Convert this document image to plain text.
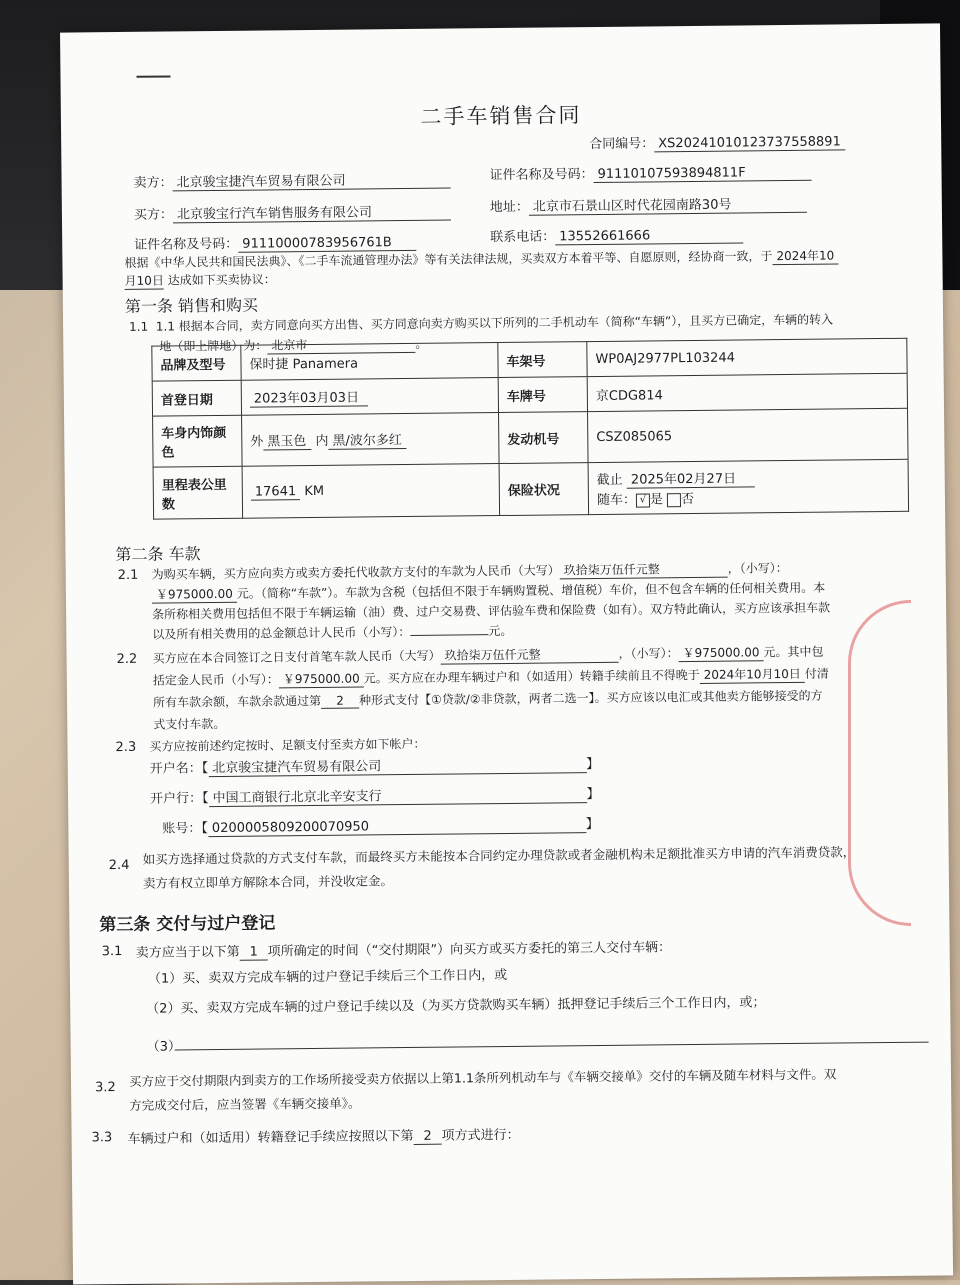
二手车销售合同
合同编号： XS20241010123737558891
卖方： 北京骏宝捷汽车贸易有限公司	证件名称及号码： 91110107593894811F
买方： 北京骏宝行汽车销售服务有限公司	地址： 北京市石景山区时代花园南路30号
证件名称及号码： 91110000783956761B	联系电话： 13552661666
根据《中华人民共和国民法典》、《二手车流通管理办法》等有关法律法规，买卖双方本着平等、自愿原则，经协商一致，于 2024年10
月10日 达成如下买卖协议：
第一条 销售和购买
1.1 1.1 根据本合同，卖方同意向买方出售、买方同意向卖方购买以下所列的二手机动车（简称“车辆”），且买方已确定，车辆的转入
地（即上牌地）为： 北京市	。
品牌及型号	保时捷 Panamera	车架号	WP0AJ2977PL103244
首登日期	2023年03月03日	车牌号	京CDG814
车身内饰颜色	外 黑玉色 内 黑/波尔多红	发动机号	CSZ085065
里程表公里数	17641 KM	保险状况	截止 2025年02月27日
随车： √ 是 否
第二条 车款
2.1 为购买车辆，买方应向卖方或卖方委托代收款方支付的车款为人民币（大写） 玖拾柒万伍仟元整	，（小写）：
￥975000.00 元。（简称“车款”）。车款为含税（包括但不限于车辆购置税、增值税）车价，但不包含车辆的任何相关费用。本
条所称相关费用包括但不限于车辆运输（油）费、过户交易费、评估验车费和保险费（如有）。双方特此确认，买方应该承担车款
以及所有相关费用的总金额总计人民币（小写）：	元。
2.2 买方应在本合同签订之日支付首笔车款人民币（大写） 玖拾柒万伍仟元整	，（小写）： ￥975000.00 元。其中包
括定金人民币（小写）： ￥975000.00 元。买方应在办理车辆过户和（如适用）转籍手续前且不得晚于 2024年10月10日 付清
所有车款余额，车款余款通过第 2 种形式支付【①贷款/②非贷款，两者二选一】。买方应该以电汇或其他卖方能够接受的方
式支付车款。
2.3 买方应按前述约定按时、足额支付至卖方如下帐户：
开户名：【 北京骏宝捷汽车贸易有限公司	】
开户行：【 中国工商银行北京北辛安支行	】
账号：【 0200005809200070950	】
2.4 如买方选择通过贷款的方式支付车款，而最终买方未能按本合同约定办理贷款或者金融机构未足额批准买方申请的汽车消费贷款，
卖方有权立即单方解除本合同，并没收定金。
第三条 交付与过户登记
3.1 卖方应当于以下第 1 项所确定的时间（“交付期限”）向买方或买方委托的第三人交付车辆：
（1）买、卖双方完成车辆的过户登记手续后三个工作日内，或
（2）买、卖双方完成车辆的过户登记手续以及（为买方贷款购买车辆）抵押登记手续后三个工作日内，或；
（3）
3.2 买方应于交付期限内到卖方的工作场所接受卖方依据以上第1.1条所列机动车与《车辆交接单》交付的车辆及随车材料与文件。双
方完成交付后，应当签署《车辆交接单》。
3.3 车辆过户和（如适用）转籍登记手续应按照以下第 2 项方式进行：
